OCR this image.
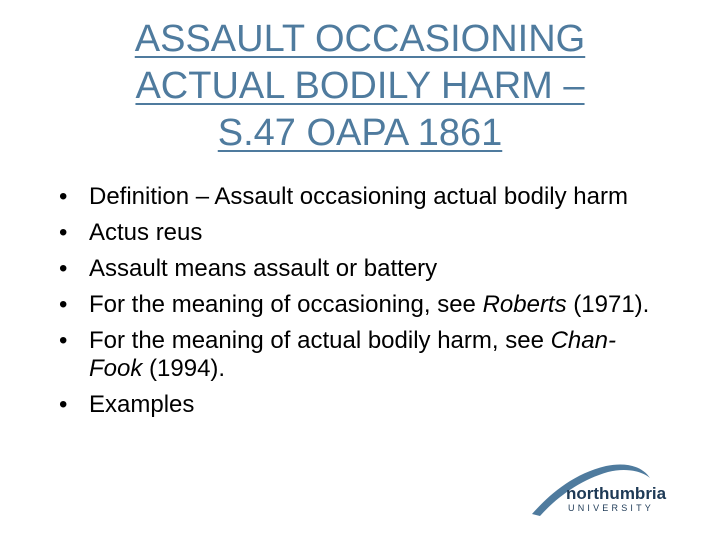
ASSAULT OCCASIONING
ACTUAL BODILY HARM –
S.47 OAPA 1861
• Definition – Assault occasioning actual bodily harm
• Actus reus
• Assault means assault or battery
• For the meaning of occasioning, see Roberts (1971).
• For the meaning of actual bodily harm, see Chan-Fook (1994).
• Examples
northumbria
UNIVERSITY
